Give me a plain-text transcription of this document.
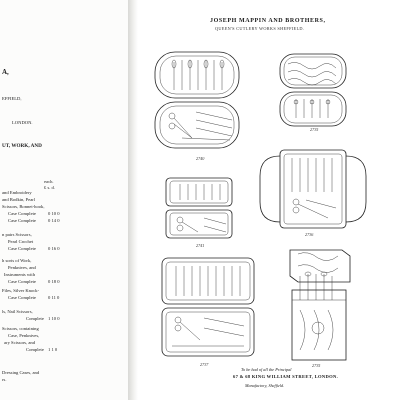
A,
EFFIELD,
LONDON.
UT, WORK, AND
each.
£ s. d.
and Embroidery
and Bodkin, Pearl
Scissors, Bonnet-hook,
Case Complete	0 10 0
Case Complete	0 14 0
n pairs Scissors,
Pearl Crochet
Case Complete	0 16 0
h sorts of Work,
Penknives, and
Instruments with
Case Complete	0 18 0
Files, Silver Knock-
Case Complete	0 11 0
ls, Nail Scissors,
Complete 1 10 0
Scissors, containing
Case, Penknives,
ary Scissors, and
Complete 1 1 0
Dressing Cases, and
rs.
JOSEPH MAPPIN AND BROTHERS,
QUEEN'S CUTLERY WORKS SHEFFIELD.
2740
2735
2741
2736
2737	2735
To be had of all the Principal
67 & 68 KING WILLIAM STREET, LONDON.
Manufactory, Sheffield.
